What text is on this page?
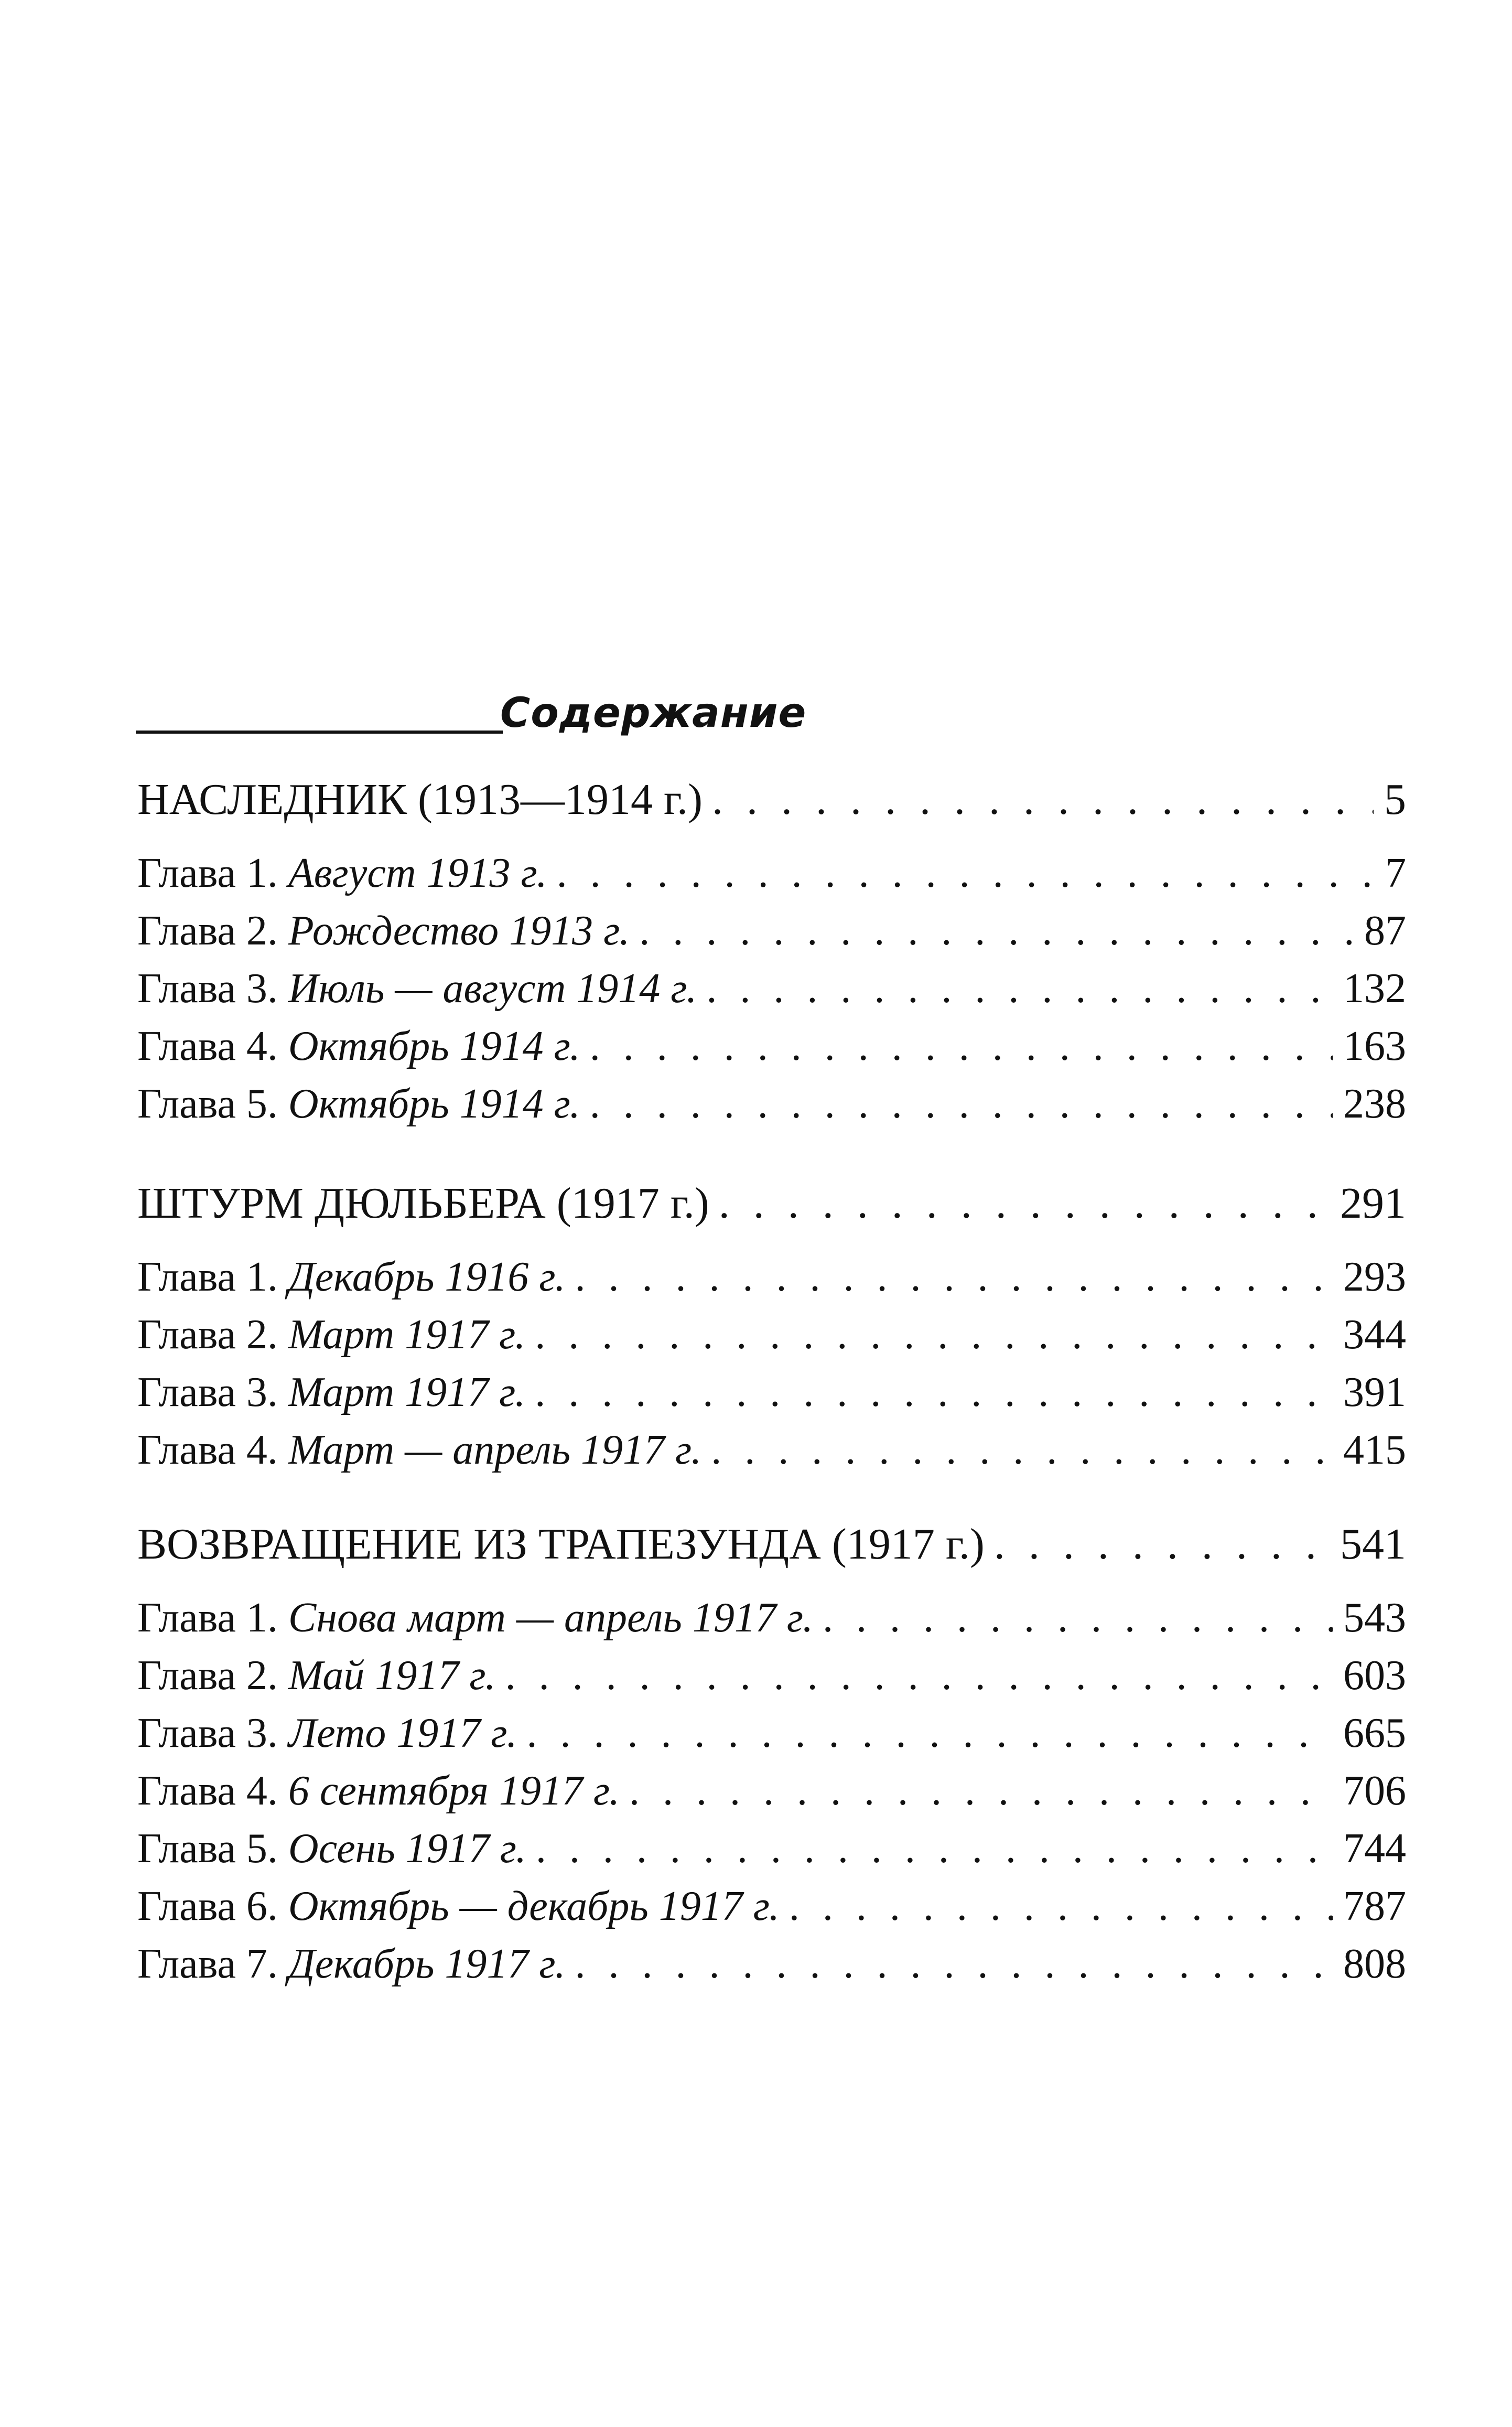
Содержание
НАСЛЕДНИК (1913—1914 г.) . . .	5
Глава 1. Август 1913 г. . . .	7
Глава 2. Рождество 1913 г. . . .	87
Глава 3. Июль — август 1914 г. . . .	132
Глава 4. Октябрь 1914 г. . . .	163
Глава 5. Октябрь 1914 г. . . .	238
ШТУРМ ДЮЛЬБЕРА (1917 г.) . . .	291
Глава 1. Декабрь 1916 г. . . .	293
Глава 2. Март 1917 г. . . .	344
Глава 3. Март 1917 г. . . .	391
Глава 4. Март — апрель 1917 г. . . .	415
ВОЗВРАЩЕНИЕ ИЗ ТРАПЕЗУНДА (1917 г.) . . .	541
Глава 1. Снова март — апрель 1917 г. . . .	543
Глава 2. Май 1917 г. . . .	603
Глава 3. Лето 1917 г. . . .	665
Глава 4. 6 сентября 1917 г. . . .	706
Глава 5. Осень 1917 г. . . .	744
Глава 6. Октябрь — декабрь 1917 г. . . .	787
Глава 7. Декабрь 1917 г. . . .	808
